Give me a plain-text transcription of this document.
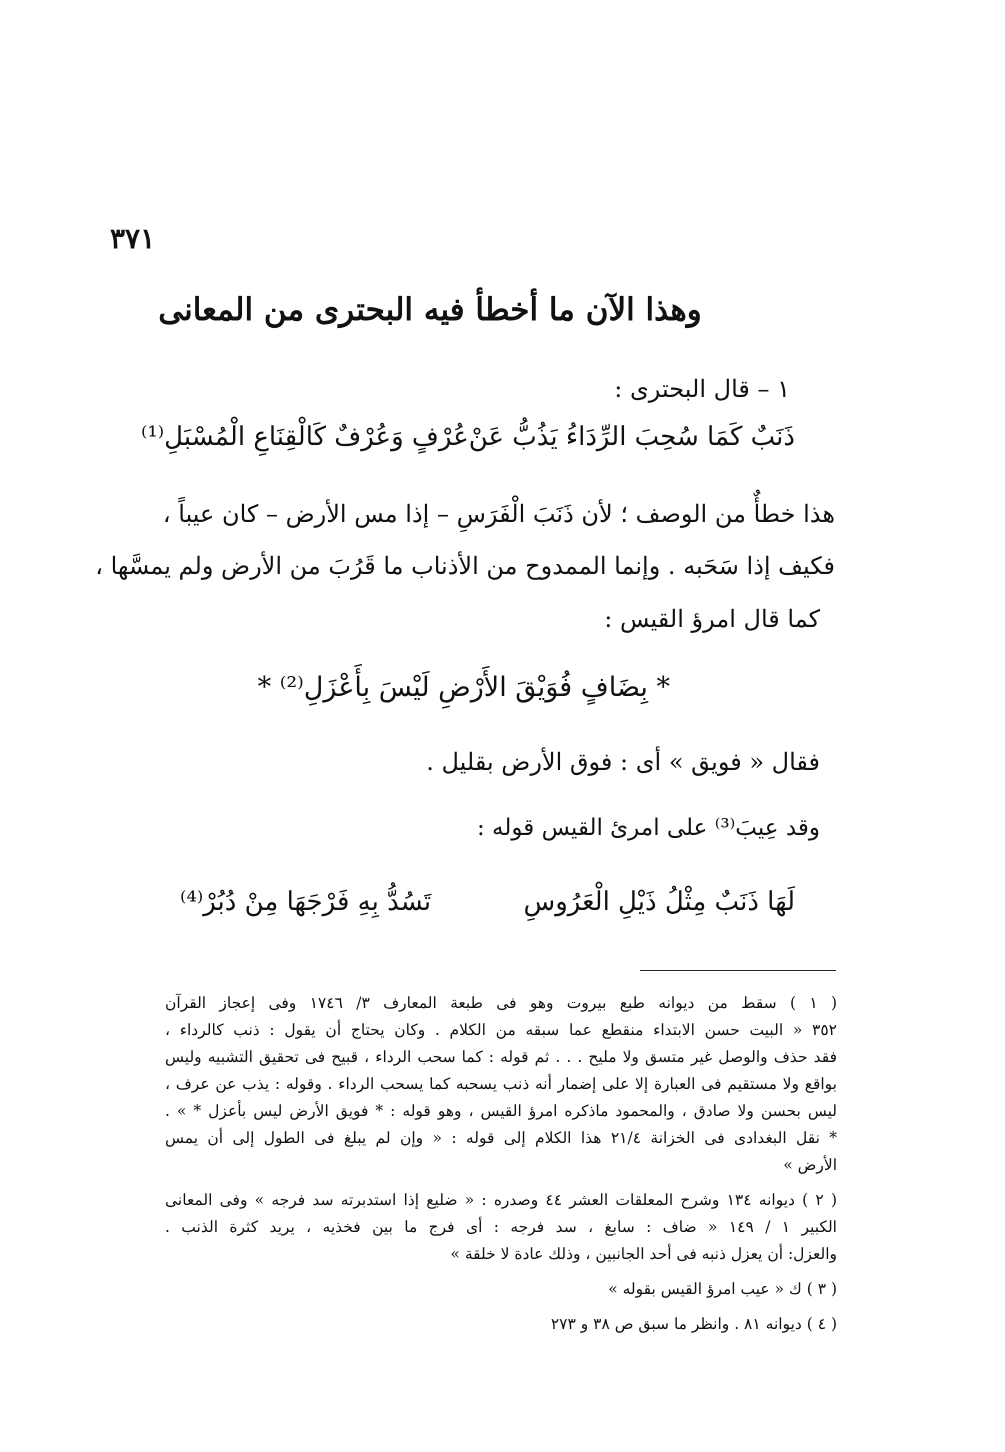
٣٧١
وهذا الآن ما أخطأ فيه البحترى من المعانى
١ – قال البحترى :
ذَنَبٌ كَمَا سُحِبَ الرِّدَاءُ يَذُبُّ عَنْ
عُرْفٍ وَعُرْفٌ كَالْقِنَاعِ الْمُسْبَلِ⁽¹⁾
هذا خطأٌ من الوصف ؛ لأن ذَنَبَ الْفَرَسِ – إذا مس الأرض – كان عيباً ،
فكيف إذا سَحَبه . وإنما الممدوح من الأذناب ما قَرُبَ من الأرض ولم يمسَّها ،
كما قال امرؤ القيس :
* بِضَافٍ فُوَيْقَ الأَرْضِ لَيْسَ بِأَعْزَلِ⁽²⁾ *
فقال « فويق » أى : فوق الأرض بقليل .
وقد عِيبَ⁽³⁾ على امرئ القيس قوله :
لَهَا ذَنَبٌ مِثْلُ ذَيْلِ الْعَرُوسِ
تَسُدُّ بِهِ فَرْجَهَا مِنْ دُبُرْ⁽⁴⁾
( ١ ) سقط من ديوانه طبع بيروت وهو فى طبعة المعارف ٣/ ١٧٤٦ وفى إعجاز القرآن
٣٥٢ « البيت حسن الابتداء منقطع عما سبقه من الكلام . وكان يحتاج أن يقول : ذنب كالرداء ،
فقد حذف والوصل غير متسق ولا مليح . . . ثم قوله : كما سحب الرداء ، قبيح فى تحقيق التشبيه وليس
بواقع ولا مستقيم فى العبارة إلا على إضمار أنه ذنب يسحبه كما يسحب الرداء . وقوله : يذب عن عرف ،
ليس بحسن ولا صادق ، والمحمود ماذكره امرؤ القيس ، وهو قوله : * فويق الأرض ليس بأعزل * » .
* نقل البغدادى فى الخزانة ٢١/٤ هذا الكلام إلى قوله : « وإن لم يبلغ فى الطول إلى أن يمس
الأرض »
( ٢ ) ديوانه ١٣٤ وشرح المعلقات العشر ٤٤ وصدره : « ضليع إذا استدبرته سد فرجه » وفى المعانى
الكبير ١ / ١٤٩ « ضاف : سابغ ، سد فرجه : أى فرج ما بين فخذيه ، يريد كثرة الذنب .
والعزل: أن يعزل ذنبه فى أحد الجانبين ، وذلك عادة لا خلقة »
( ٣ ) ك « عيب امرؤ القيس بقوله »
( ٤ ) ديوانه ٨١ . وانظر ما سبق ص ٣٨ و ٢٧٣
